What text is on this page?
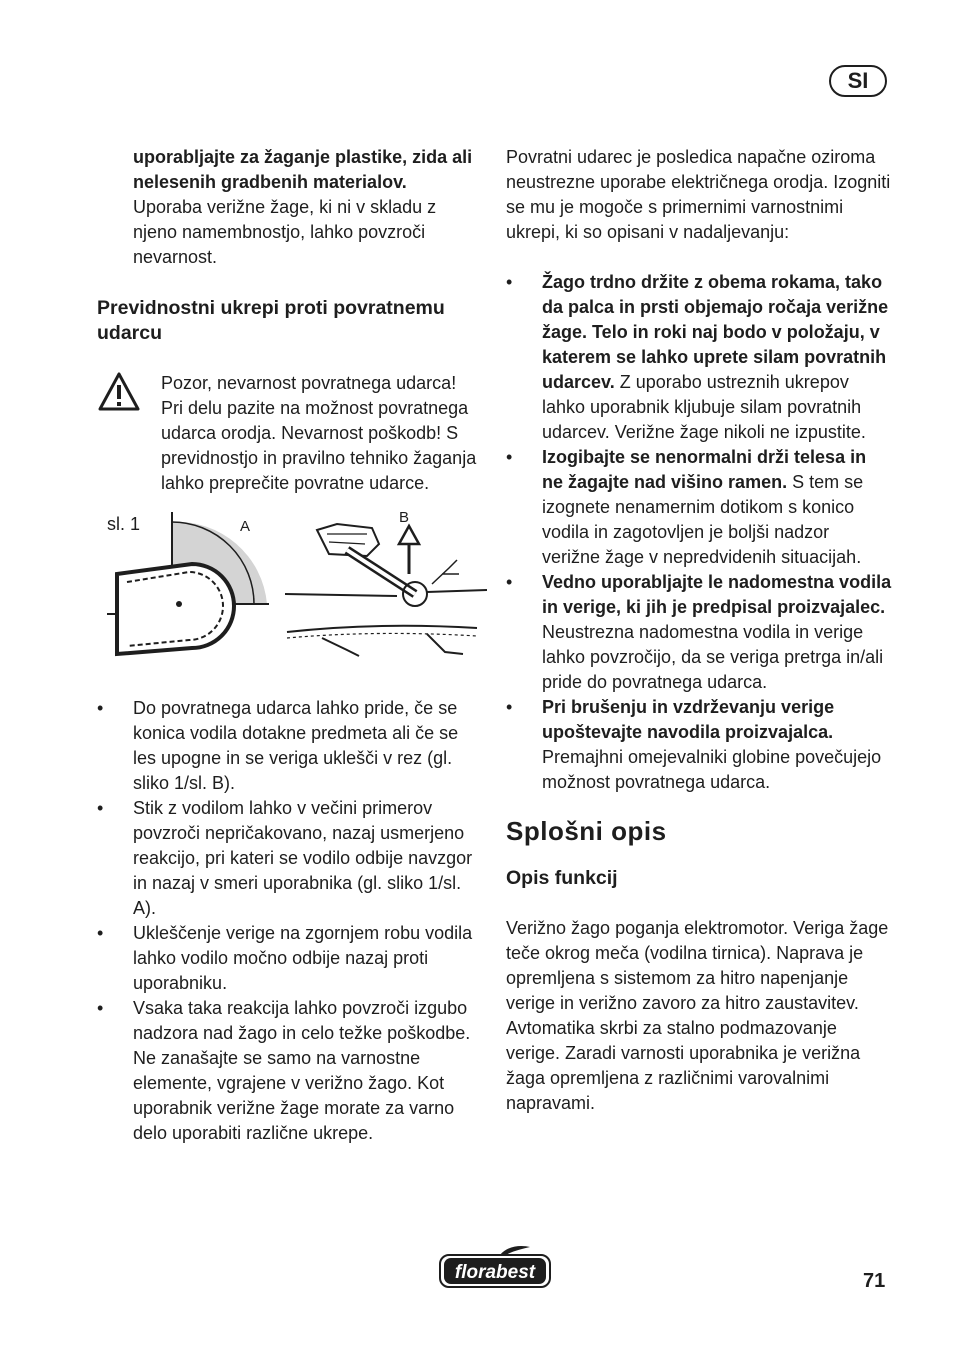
SI

uporabljajte za žaganje plastike, zida ali nelesenih gradbenih materialov.

Uporaba verižne žage, ki ni v skladu z njeno namembnostjo, lahko povzroči nevarnost.

Previdnostni ukrepi proti povratnemu udarcu

Pozor, nevarnost povratnega udarca! Pri delu pazite na možnost povratnega udarca orodja. Nevarnost poškodb! S previdnostjo in pravilno tehniko žaganja lahko preprečite povratne udarce.

sl. 1	A
B
• Do povratnega udarca lahko pride, če se konica vodila dotakne predmeta ali če se les upogne in se veriga uklešči v rez (gl. sliko 1/sl. B).
• Stik z vodilom lahko v večini primerov povzroči nepričakovano, nazaj usmerjeno reakcijo, pri kateri se vodilo odbije navzgor in nazaj v smeri uporabnika (gl. sliko 1/sl. A).
• Ukleščenje verige na zgornjem robu vodila lahko vodilo močno odbije nazaj proti uporabniku.
• Vsaka taka reakcija lahko povzroči izgubo nadzora nad žago in celo težke poškodbe. Ne zanašajte se samo na varnostne elemente, vgrajene v verižno žago. Kot uporabnik verižne žage morate za varno delo uporabiti različne ukrepe.

Povratni udarec je posledica napačne oziroma neustrezne uporabe električnega orodja. Izogniti se mu je mogoče s primernimi varnostnimi ukrepi, ki so opisani v nadaljevanju:

• Žago trdno držite z obema rokama, tako da palca in prsti objemajo ročaja verižne žage. Telo in roki naj bodo v položaju, v katerem se lahko uprete silam povratnih udarcev. Z uporabo ustreznih ukrepov lahko uporabnik kljubuje silam povratnih udarcev. Verižne žage nikoli ne izpustite.
• Izogibajte se nenormalni drži telesa in ne žagajte nad višino ramen. S tem se izognete nenamernim dotikom s konico vodila in zagotovljen je boljši nadzor verižne žage v nepredvidenih situacijah.
• Vedno uporabljajte le nadomestna vodila in verige, ki jih je predpisal proizvajalec. Neustrezna nadomestna vodila in verige lahko povzročijo, da se veriga pretrga in/ali pride do povratnega udarca.
• Pri brušenju in vzdrževanju verige upoštevajte navodila proizvajalca. Premajhni omejevalniki globine povečujejo možnost povratnega udarca.
Splošni opis
Opis funkcij

Verižno žago poganja elektromotor. Veriga žage teče okrog meča (vodilna tirnica). Naprava je opremljena s sistemom za hitro napenjanje verige in verižno zavoro za hitro zaustavitev. Avtomatika skrbi za stalno podmazovanje verige. Zaradi varnosti uporabnika je verižna žaga opremljena z različnimi varovalnimi napravami.

florabest	71
